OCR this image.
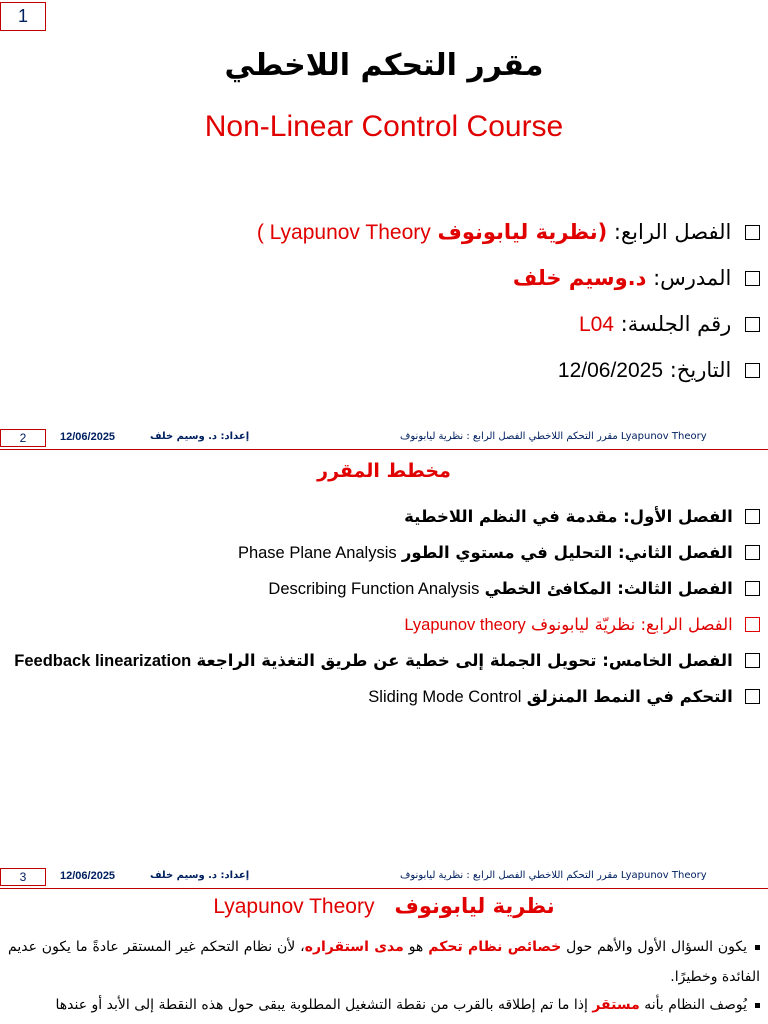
1
مقرر التحكم اللاخطي
Non-Linear Control Course
الفصل الرابع: (نظرية ليابونوف Lyapunov Theory )
المدرس: د.وسيم خلف
رقم الجلسة: L04
التاريخ: 12/06/2025
2	12/06/2025	إعداد: د. وسيم خلف	مقرر التحكم اللاخطي الفصل الرابع : نظرية ليابونوف Lyapunov Theory
مخطط المقرر
الفصل الأول: مقدمة في النظم اللاخطية
الفصل الثاني: التحليل في مستوي الطور Phase Plane Analysis
الفصل الثالث: المكافئ الخطي Describing Function Analysis
الفصل الرابع: نظريّة ليابونوف Lyapunov theory
الفصل الخامس: تحويل الجملة إلى خطية عن طريق التغذية الراجعة Feedback linearization
التحكم في النمط المنزلق Sliding Mode Control
3	12/06/2025	إعداد: د. وسيم خلف	مقرر التحكم اللاخطي الفصل الرابع : نظرية ليابونوف Lyapunov Theory
نظرية ليابونوف   Lyapunov Theory
يكون السؤال الأول والأهم حول خصائص نظام تحكم هو مدى استقراره، لأن نظام التحكم غير المستقر عادةً ما يكون عديم الفائدة وخطيرًا.
يُوصف النظام بأنه مستقر إذا ما تم إطلاقه بالقرب من نقطة التشغيل المطلوبة يبقى حول هذه النقطة إلى الأبد أو عندها
